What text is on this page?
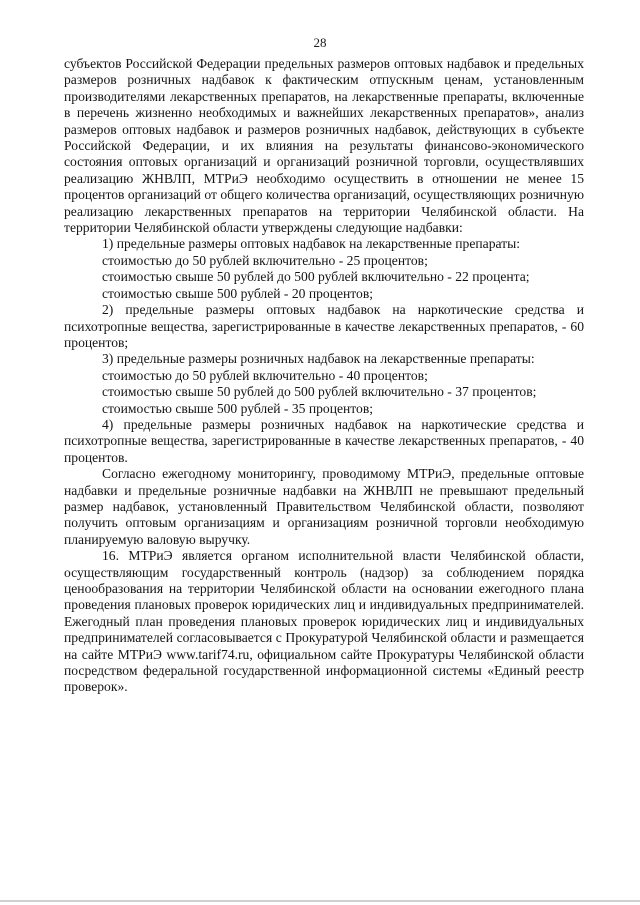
28

субъектов Российской Федерации предельных размеров оптовых надбавок и предельных размеров розничных надбавок к фактическим отпускным ценам, установленным производителями лекарственных препаратов, на лекарственные препараты, включенные в перечень жизненно необходимых и важнейших лекарственных препаратов», анализ размеров оптовых надбавок и размеров розничных надбавок, действующих в субъекте Российской Федерации, и их влияния на результаты финансово-экономического состояния оптовых организаций и организаций розничной торговли, осуществлявших реализацию ЖНВЛП, МТРиЭ необходимо осуществить в отношении не менее 15 процентов организаций от общего количества организаций, осуществляющих розничную реализацию лекарственных препаратов на территории Челябинской области. На территории Челябинской области утверждены следующие надбавки:

1) предельные размеры оптовых надбавок на лекарственные препараты:

стоимостью до 50 рублей включительно - 25 процентов;

стоимостью свыше 50 рублей до 500 рублей включительно - 22 процента;

стоимостью свыше 500 рублей - 20 процентов;

2) предельные размеры оптовых надбавок на наркотические средства и психотропные вещества, зарегистрированные в качестве лекарственных препаратов, - 60 процентов;

3) предельные размеры розничных надбавок на лекарственные препараты:

стоимостью до 50 рублей включительно - 40 процентов;

стоимостью свыше 50 рублей до 500 рублей включительно - 37 процентов;

стоимостью свыше 500 рублей - 35 процентов;

4) предельные размеры розничных надбавок на наркотические средства и психотропные вещества, зарегистрированные в качестве лекарственных препаратов, - 40 процентов.

Согласно ежегодному мониторингу, проводимому МТРиЭ, предельные оптовые надбавки и предельные розничные надбавки на ЖНВЛП не превышают предельный размер надбавок, установленный Правительством Челябинской области, позволяют получить оптовым организациям и организациям розничной торговли необходимую планируемую валовую выручку.

16. МТРиЭ является органом исполнительной власти Челябинской области, осуществляющим государственный контроль (надзор) за соблюдением порядка ценообразования на территории Челябинской области на основании ежегодного плана проведения плановых проверок юридических лиц и индивидуальных предпринимателей. Ежегодный план проведения плановых проверок юридических лиц и индивидуальных предпринимателей согласовывается с Прокуратурой Челябинской области и размещается на сайте МТРиЭ www.tarif74.ru, официальном сайте Прокуратуры Челябинской области посредством федеральной государственной информационной системы «Единый реестр проверок».
